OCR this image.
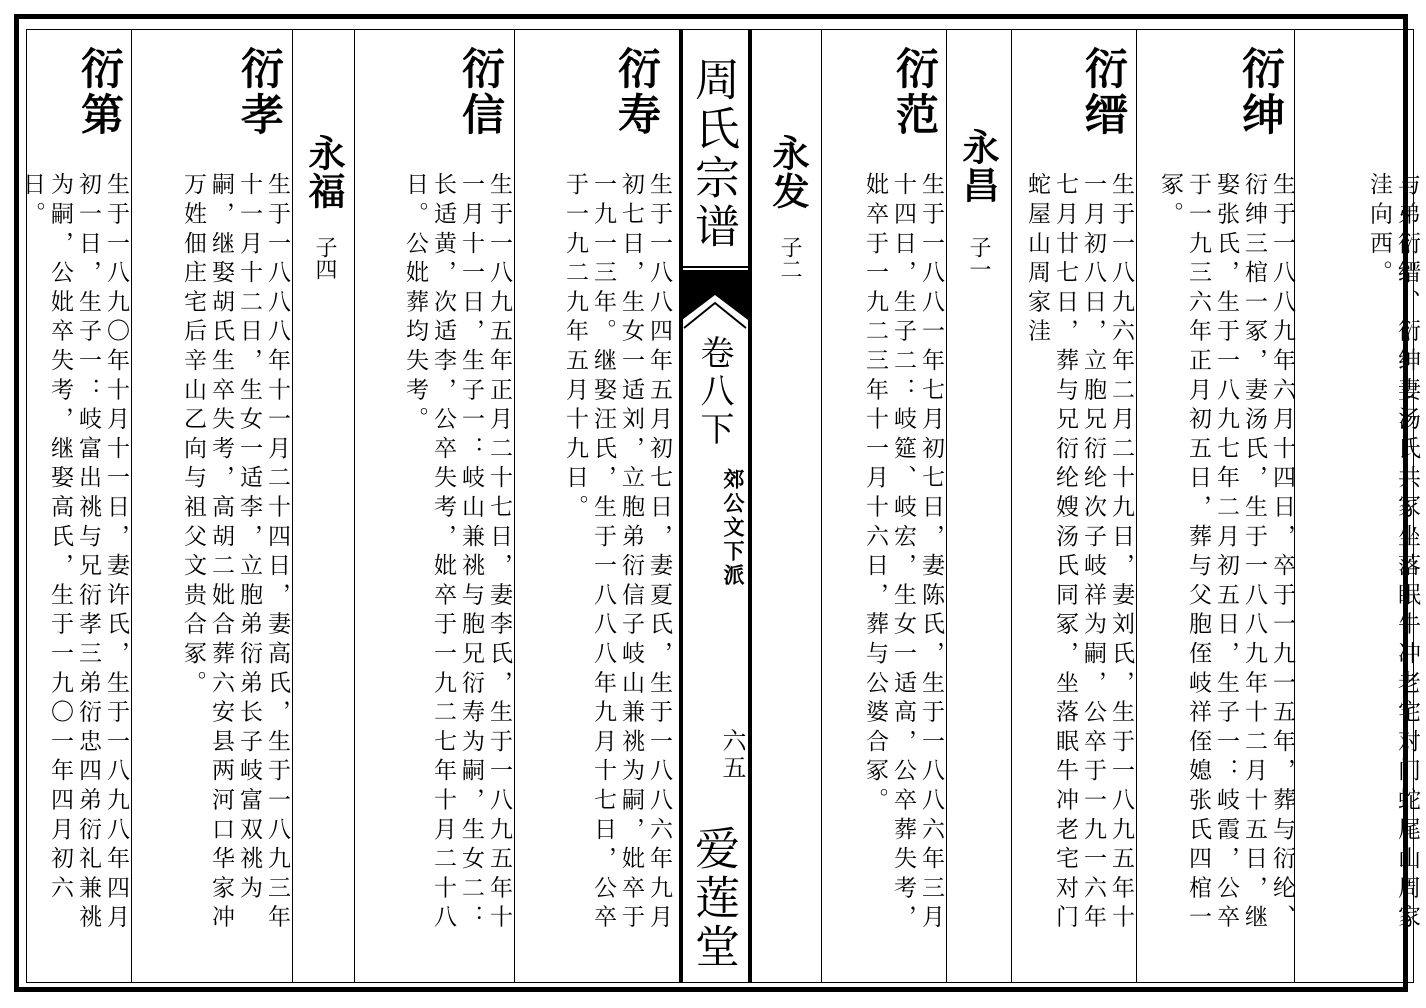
周氏宗谱
卷八下
郊公文下派
六五
爱莲堂	与弟衍缙、衍绅妻汤氏共冢坐落眠牛冲老宅对门蛇尾山周家洼向西。
衍绅
生于一八八九年六月十四日，卒于一九一五年，葬与衍纶、衍绅三棺一冢，妻汤氏，生于一八八九年十二月十五日，继娶张氏，生于一八九七年二月初五日，生子一：岐霞，公卒于一九三六年正月初五日，葬与父胞侄岐祥侄媳张氏四棺一冢。
衍缙
生于一八九六年二月二十九日，妻刘氏，生于一八九五年十一月初八日，立胞兄衍纶次子岐祥为嗣，公卒于一九一六年七月廿七日，葬与兄衍纶嫂汤氏同冢，坐落眠牛冲老宅对门蛇屋山周家洼
永昌
子一
衍范
生于一八八一年七月初七日，妻陈氏，生于一八八六年三月十四日，生子二：岐筵、岐宏，生女一适高，公卒葬失考，妣卒于一九二三年十一月十六日，葬与公婆合冢。
永发
子二
衍寿
生于一八八四年五月初七日，妻夏氏，生于一八八六年九月初七日，生女一适刘，立胞弟衍信子岐山兼祧为嗣，妣卒于一九一三年。继娶汪氏，生于一八八八年九月十七日，公卒于一九二九年五月十九日。
衍信
生于一八九五年正月二十七日，妻李氏，生于一八九五年十一月十一日，生子一：岐山兼祧与胞兄衍寿为嗣，生女二：长适黄，次适李，公卒失考，妣卒于一九二七年十月二十八日。公妣葬均失考。
永福
子四
衍孝
生于一八八八年十一月二十四日，妻高氏，生于一八九三年十一月十二日，生女一适李，立胞弟衍弟长子岐富双祧为嗣，继娶胡氏生卒失考，高胡二妣合葬六安县两河口华家冲万姓佃庄宅后辛山乙向与祖父文贵合冢。
衍第
生于一八九〇年十月十一日，妻许氏，生于一八九八年四月初一日，生子一：岐富出祧与兄衍孝三弟衍忠四弟衍礼兼祧为嗣，公妣卒失考，继娶高氏，生于一九〇一年四月初六日。
